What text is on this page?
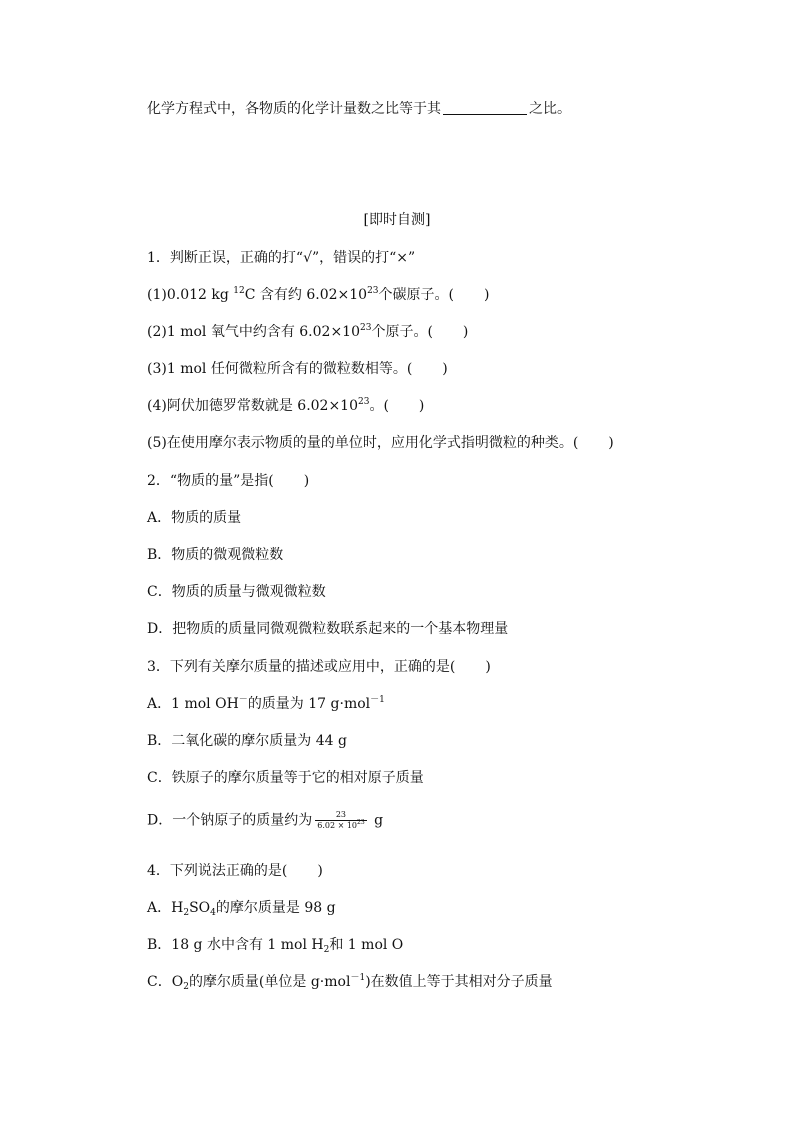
化学方程式中，各物质的化学计量数之比等于其	之比。
[即时自测]
1．判断正误，正确的打“√”，错误的打“×”
(1)0.012 kg $^{12}$C 含有约 $6.02\times 10^{23}$个碳原子。( )
(2)1 mol 氧气中约含有 $6.02\times 10^{23}$个原子。( )
(3)1 mol 任何微粒所含有的微粒数相等。( )
(4)阿伏加德罗常数就是 $6.02\times 10^{23}$。( )
(5)在使用摩尔表示物质的量的单位时，应用化学式指明微粒的种类。( )
2．“物质的量”是指( )
A．物质的质量
B．物质的微观微粒数
C．物质的质量与微观微粒数
D．把物质的质量同微观微粒数联系起来的一个基本物理量
3．下列有关摩尔质量的描述或应用中，正确的是( )
A．1 mol OH－的质量为 17 g·mol$^{-1}$
B．二氧化碳的摩尔质量为 44 g
C．铁原子的摩尔质量等于它的相对原子质量
D．一个钠原子的质量约为 $\frac{23}{6.02 \times 10^{23}}$ g
4．下列说法正确的是( )
A．$H_2SO_4$的摩尔质量是 98 g
B．18 g 水中含有 1 mol $H_2$和 1 mol O
C．$O_2$的摩尔质量(单位是 g·mol$^{-1}$)在数值上等于其相对分子质量
